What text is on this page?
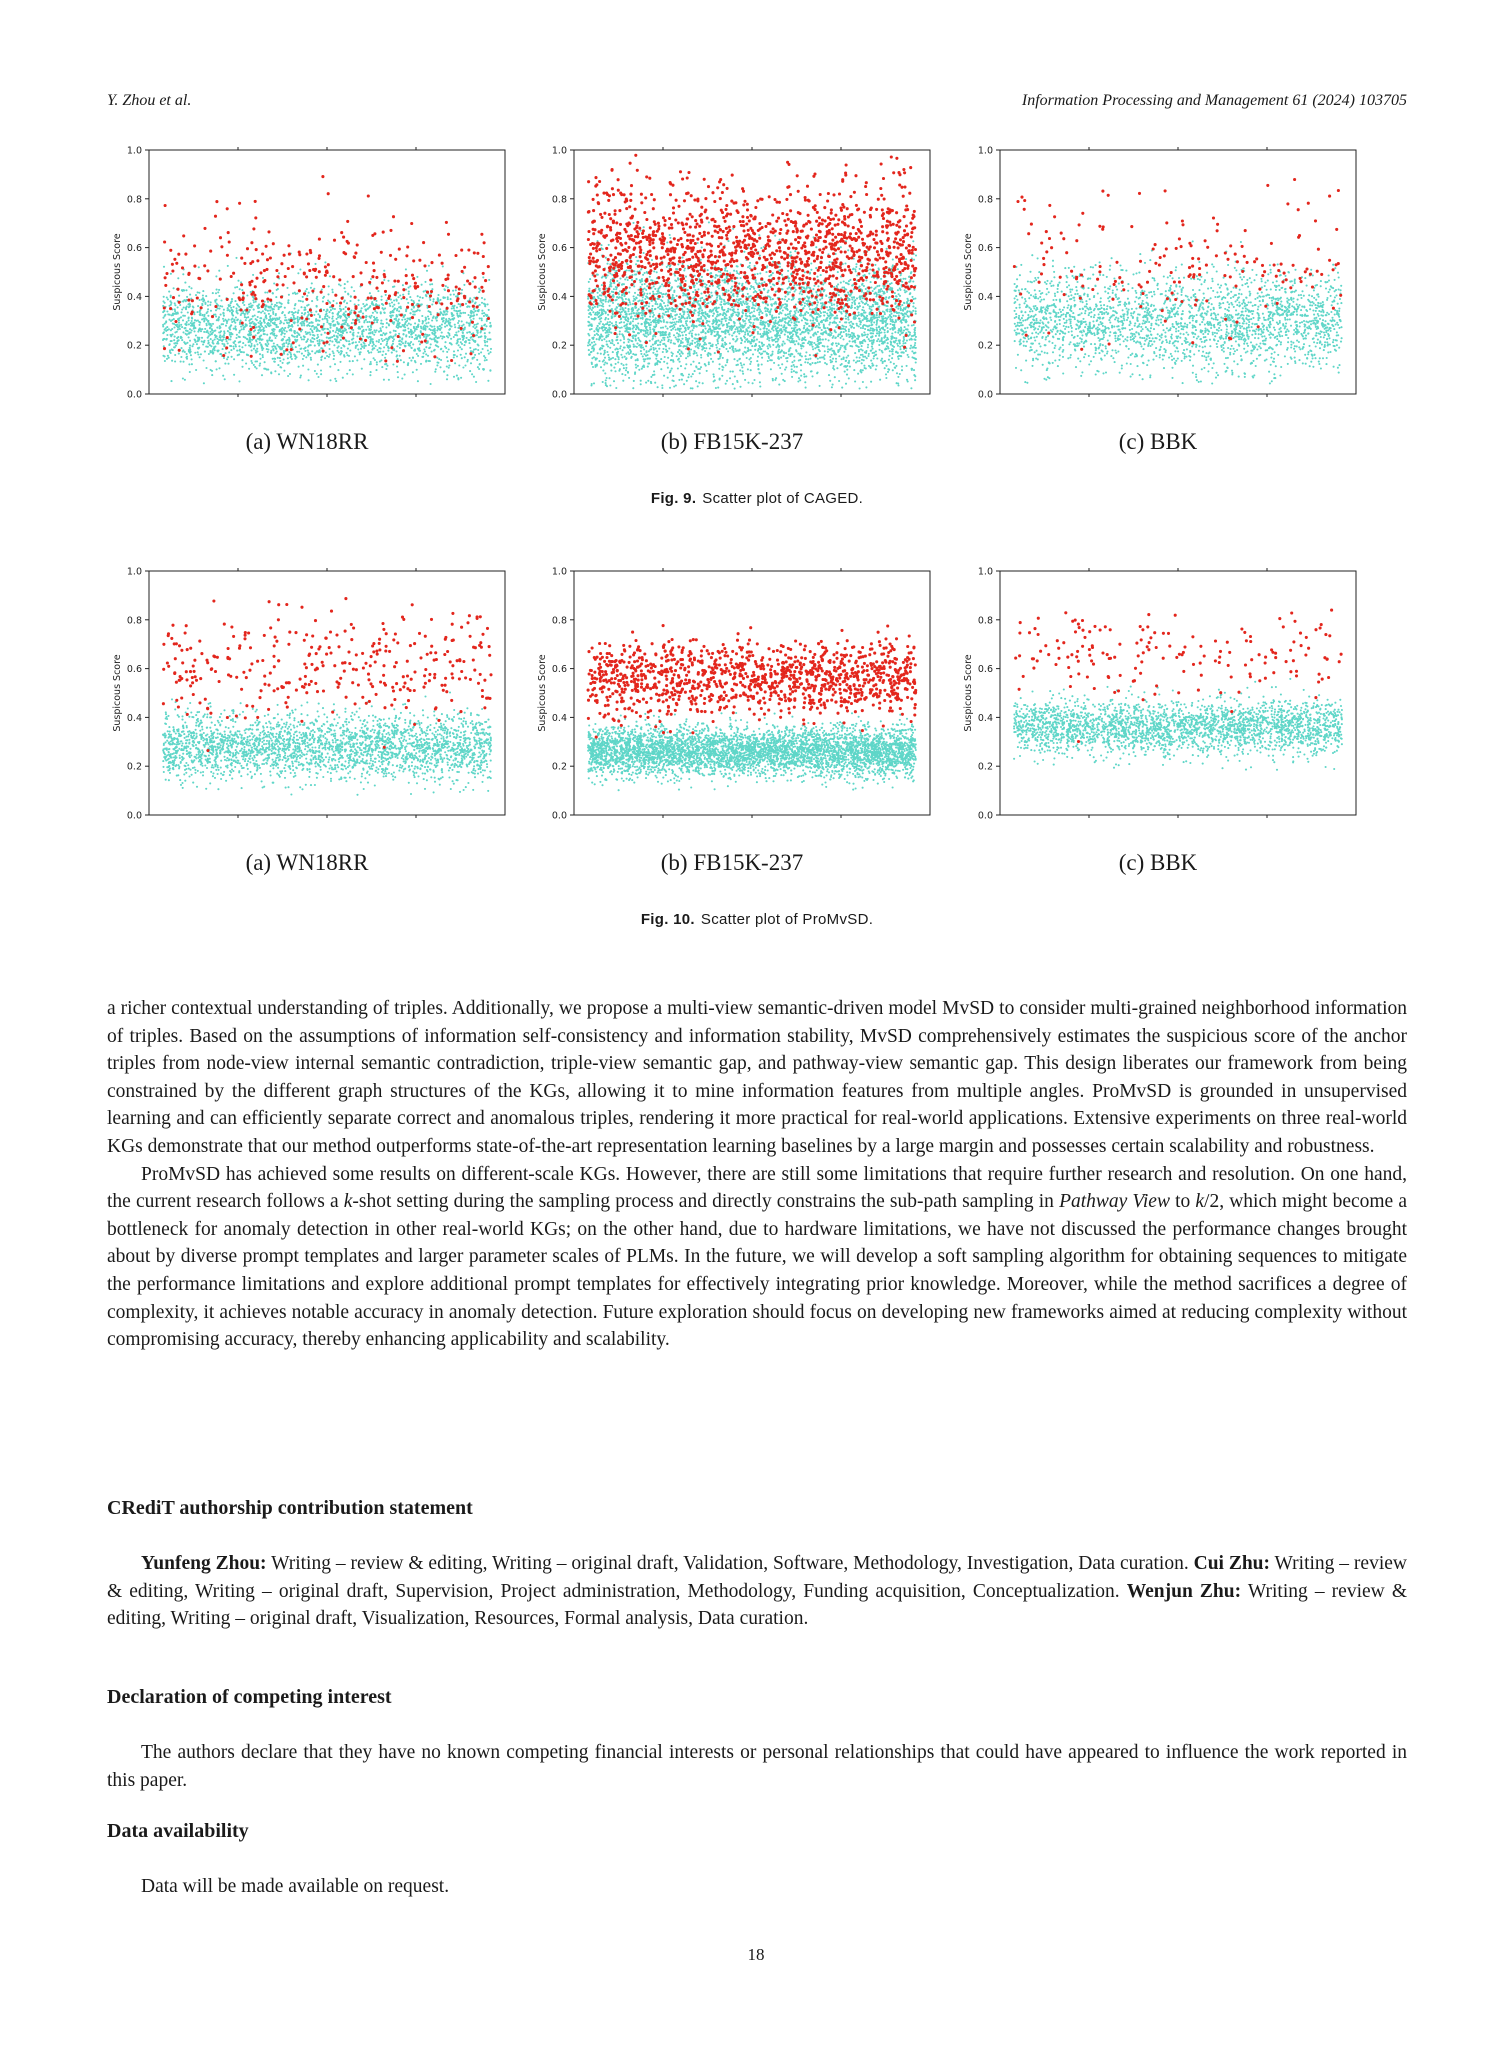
Y. Zhou et al.	Information Processing and Management 61 (2024) 103705
0.0
0.2
0.4
0.6
0.8
1.0
Suspicous Score
0.0
0.2
0.4
0.6
0.8
1.0
Suspicous Score
0.0
0.2
0.4
0.6
0.8
1.0
Suspicous Score
(a) WN18RR	(b) FB15K-237	(c) BBK
Fig. 9. Scatter plot of CAGED.
0.0
0.2
0.4
0.6
0.8
1.0
Suspicous Score
0.0
0.2
0.4
0.6
0.8
1.0
Suspicous Score
0.0
0.2
0.4
0.6
0.8
1.0
Suspicous Score
(a) WN18RR	(b) FB15K-237	(c) BBK
Fig. 10. Scatter plot of ProMvSD.

a richer contextual understanding of triples. Additionally, we propose a multi-view semantic-driven model MvSD to consider multi-grained neighborhood information of triples. Based on the assumptions of information self-consistency and information stability, MvSD comprehensively estimates the suspicious score of the anchor triples from node-view internal semantic contradiction, triple-view semantic gap, and pathway-view semantic gap. This design liberates our framework from being constrained by the different graph structures of the KGs, allowing it to mine information features from multiple angles. ProMvSD is grounded in unsupervised learning and can efficiently separate correct and anomalous triples, rendering it more practical for real-world applications. Extensive experiments on three real-world KGs demonstrate that our method outperforms state-of-the-art representation learning baselines by a large margin and possesses certain scalability and robustness.

ProMvSD has achieved some results on different-scale KGs. However, there are still some limitations that require further research and resolution. On one hand, the current research follows a k-shot setting during the sampling process and directly constrains the sub-path sampling in Pathway View to k/2, which might become a bottleneck for anomaly detection in other real-world KGs; on the other hand, due to hardware limitations, we have not discussed the performance changes brought about by diverse prompt templates and larger parameter scales of PLMs. In the future, we will develop a soft sampling algorithm for obtaining sequences to mitigate the performance limitations and explore additional prompt templates for effectively integrating prior knowledge. Moreover, while the method sacrifices a degree of complexity, it achieves notable accuracy in anomaly detection. Future exploration should focus on developing new frameworks aimed at reducing complexity without compromising accuracy, thereby enhancing applicability and scalability.

CRediT authorship contribution statement

Yunfeng Zhou: Writing – review & editing, Writing – original draft, Validation, Software, Methodology, Investigation, Data curation. Cui Zhu: Writing – review & editing, Writing – original draft, Supervision, Project administration, Methodology, Funding acquisition, Conceptualization. Wenjun Zhu: Writing – review & editing, Writing – original draft, Visualization, Resources, Formal analysis, Data curation.

Declaration of competing interest

The authors declare that they have no known competing financial interests or personal relationships that could have appeared to influence the work reported in this paper.

Data availability

Data will be made available on request.

18
